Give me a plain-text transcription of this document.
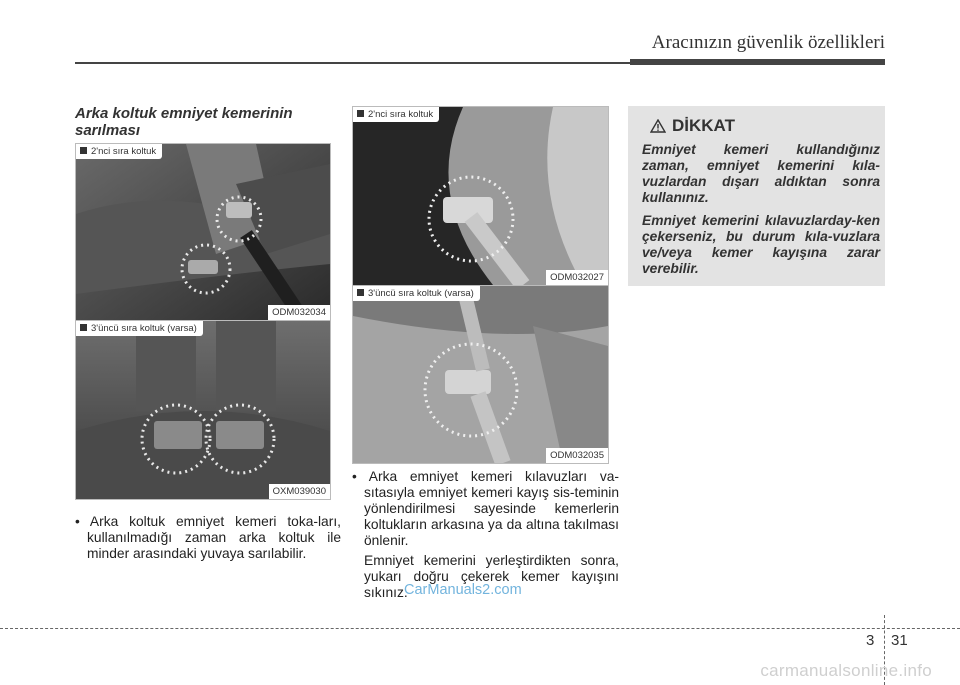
Aracınızın güvenlik özellikleri
Arka koltuk emniyet kemerinin sarılması
2'nci sıra koltuk
ODM032034
3'üncü sıra koltuk (varsa)
OXM039030
2'nci sıra koltuk
ODM032027
3'üncü sıra koltuk (varsa)
ODM032035
• Arka koltuk emniyet kemeri toka-ları, kullanılmadığı zaman arka koltuk ile minder arasındaki yuvaya sarılabilir.
• Arka emniyet kemeri kılavuzları va-sıtasıyla emniyet kemeri kayış sis-teminin yönlendirilmesi sayesinde kemerlerin koltukların arkasına ya da altına takılması önlenir.
Emniyet kemerini yerleştirdikten sonra, yukarı doğru çekerek kemer kayışını sıkınız.
DİKKAT

Emniyet kemeri kullandığınız zaman, emniyet kemerini kıla-vuzlardan dışarı aldıktan sonra kullanınız.

Emniyet kemerini kılavuzlarday-ken çekerseniz, bu durum kıla-vuzlara ve/veya kemer kayışına zarar verebilir.

3 31
CarManuals2.com
carmanualsonline.info
